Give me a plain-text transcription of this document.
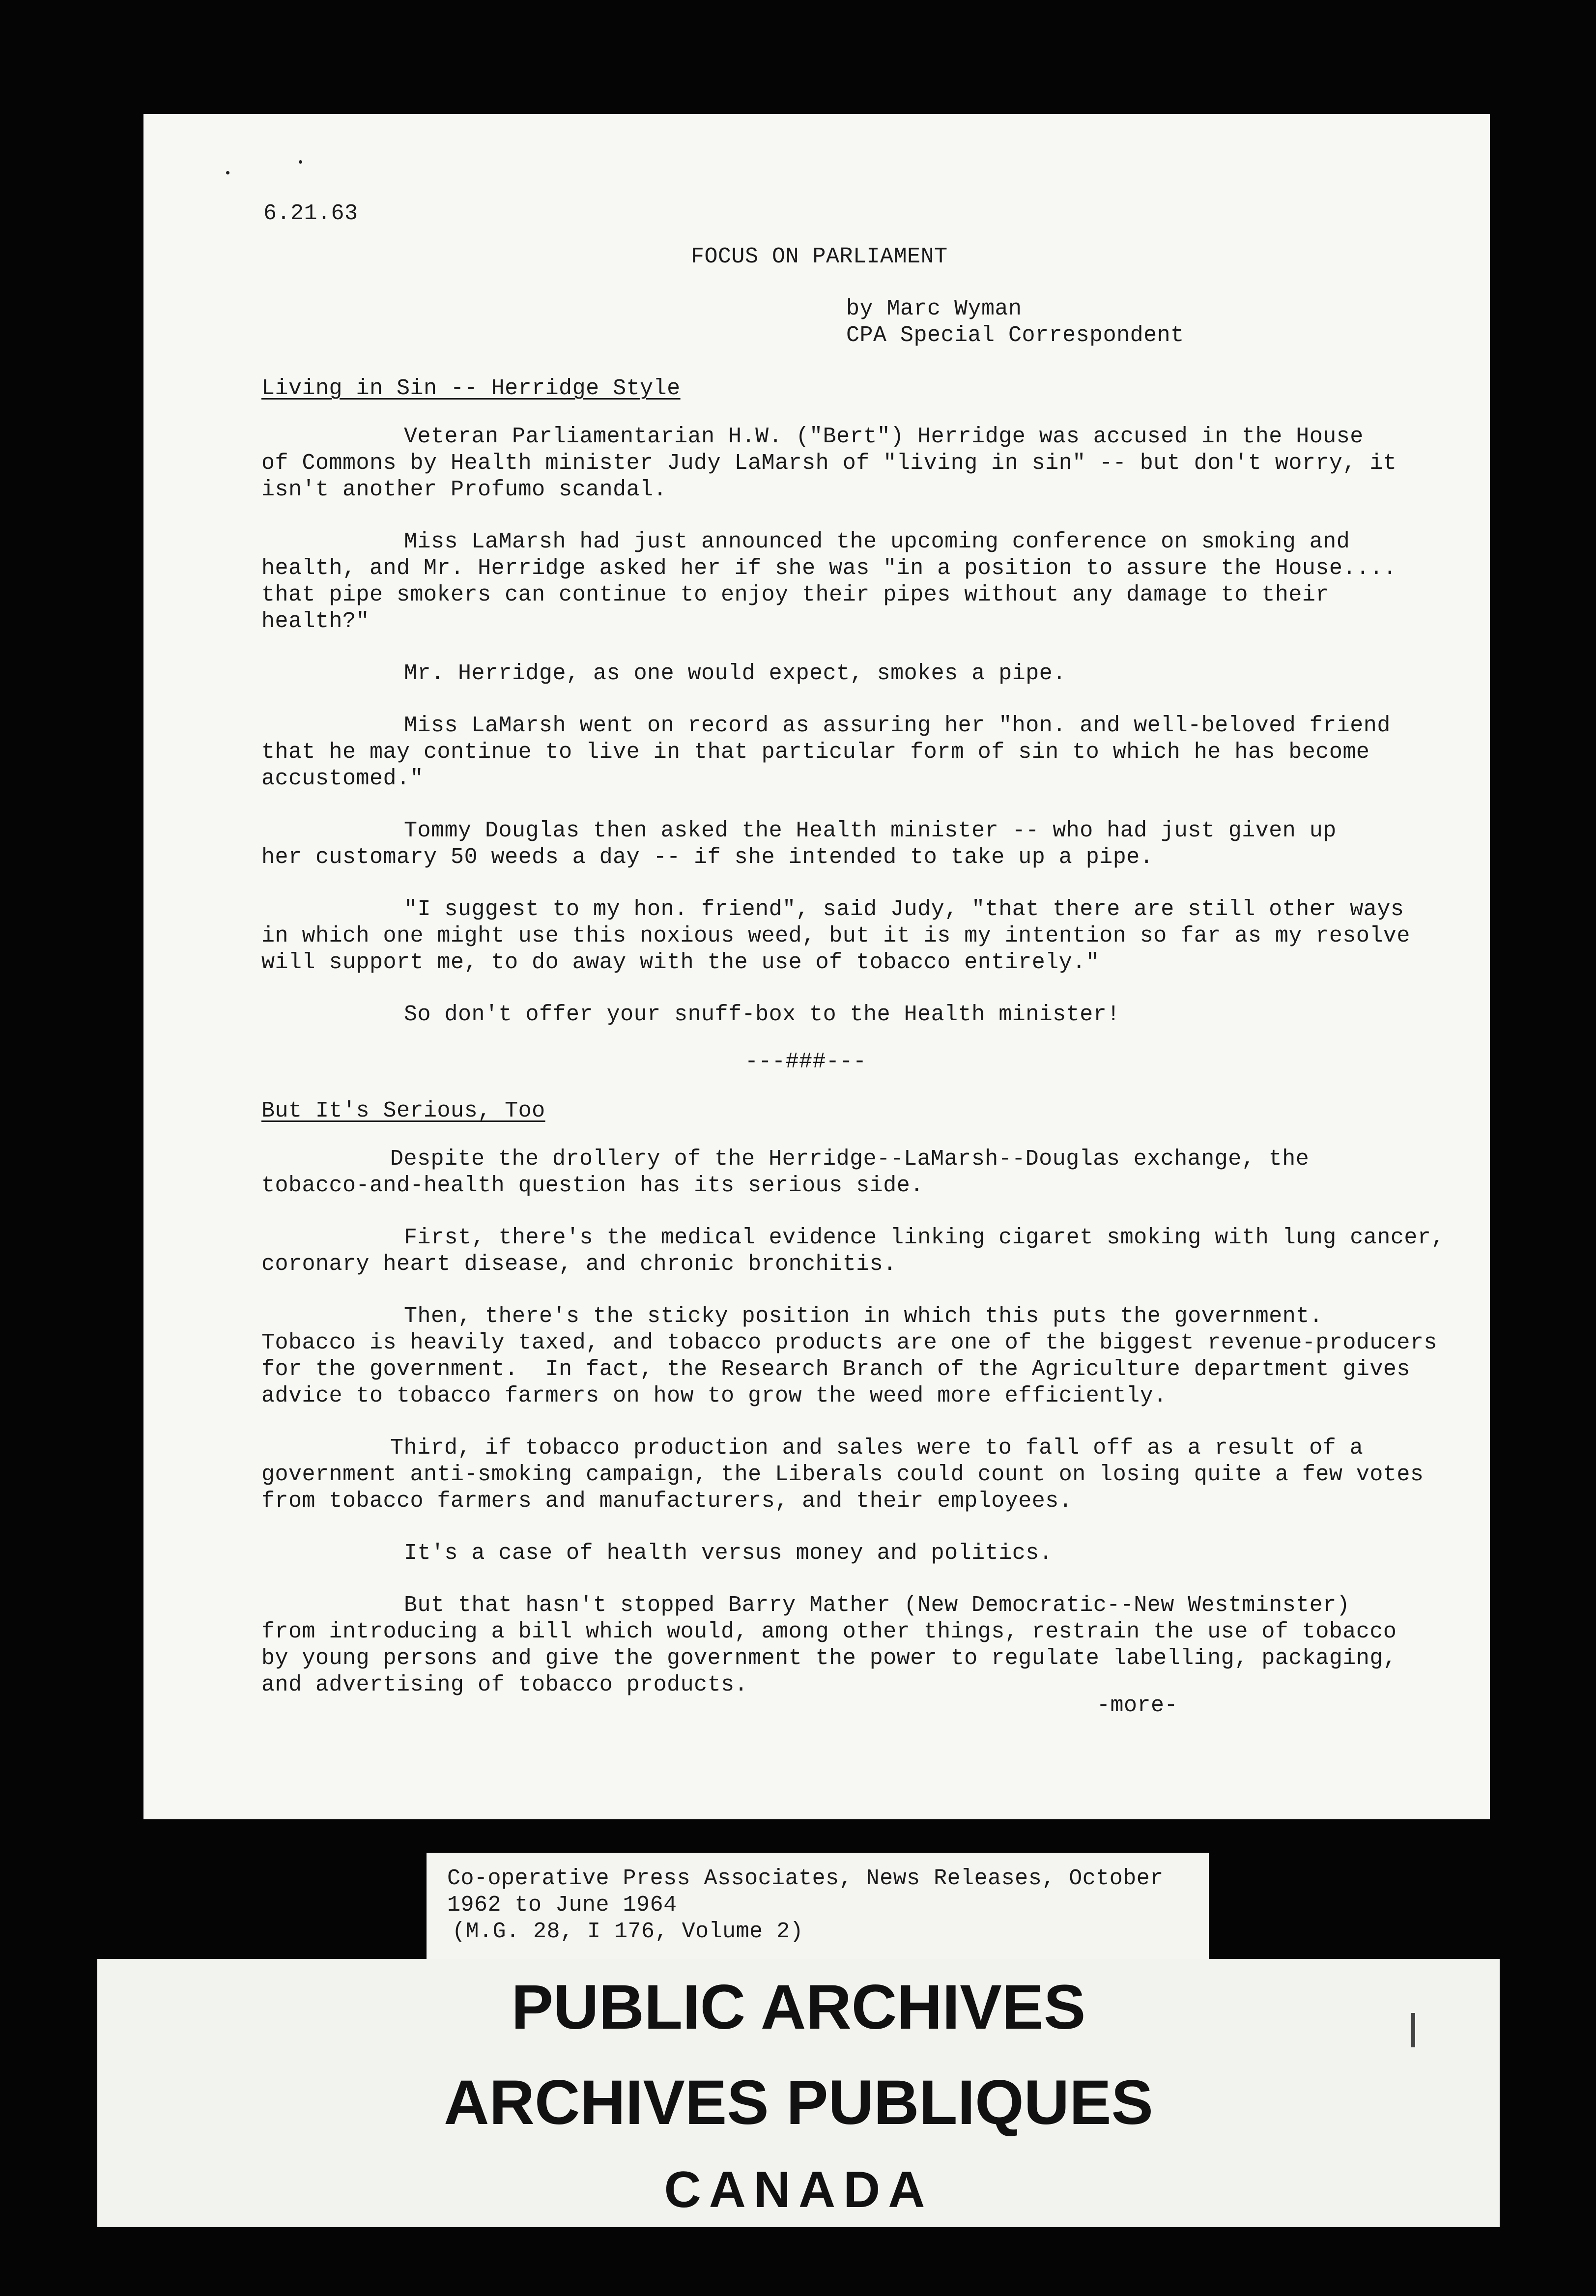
6.21.63
FOCUS ON PARLIAMENT
by Marc Wyman
CPA Special Correspondent
Living in Sin -- Herridge Style
Veteran Parliamentarian H.W. ("Bert") Herridge was accused in the House
of Commons by Health minister Judy LaMarsh of "living in sin" -- but don't worry, it
isn't another Profumo scandal.
Miss LaMarsh had just announced the upcoming conference on smoking and
health, and Mr. Herridge asked her if she was "in a position to assure the House....
that pipe smokers can continue to enjoy their pipes without any damage to their
health?"
Mr. Herridge, as one would expect, smokes a pipe.
Miss LaMarsh went on record as assuring her "hon. and well-beloved friend
that he may continue to live in that particular form of sin to which he has become
accustomed."
Tommy Douglas then asked the Health minister -- who had just given up
her customary 50 weeds a day -- if she intended to take up a pipe.
"I suggest to my hon. friend", said Judy, "that there are still other ways
in which one might use this noxious weed, but it is my intention so far as my resolve
will support me, to do away with the use of tobacco entirely."
So don't offer your snuff-box to the Health minister!
---###---
But It's Serious, Too
Despite the drollery of the Herridge--LaMarsh--Douglas exchange, the
tobacco-and-health question has its serious side.
First, there's the medical evidence linking cigaret smoking with lung cancer,
coronary heart disease, and chronic bronchitis.
Then, there's the sticky position in which this puts the government.
Tobacco is heavily taxed, and tobacco products are one of the biggest revenue-producers
for the government.  In fact, the Research Branch of the Agriculture department gives
advice to tobacco farmers on how to grow the weed more efficiently.
Third, if tobacco production and sales were to fall off as a result of a
government anti-smoking campaign, the Liberals could count on losing quite a few votes
from tobacco farmers and manufacturers, and their employees.
It's a case of health versus money and politics.
But that hasn't stopped Barry Mather (New Democratic--New Westminster)
from introducing a bill which would, among other things, restrain the use of tobacco
by young persons and give the government the power to regulate labelling, packaging,
and advertising of tobacco products.
-more-
Co-operative Press Associates, News Releases, October
1962 to June 1964
(M.G. 28, I 176, Volume 2)
PUBLIC ARCHIVES
ARCHIVES PUBLIQUES
CANADA
